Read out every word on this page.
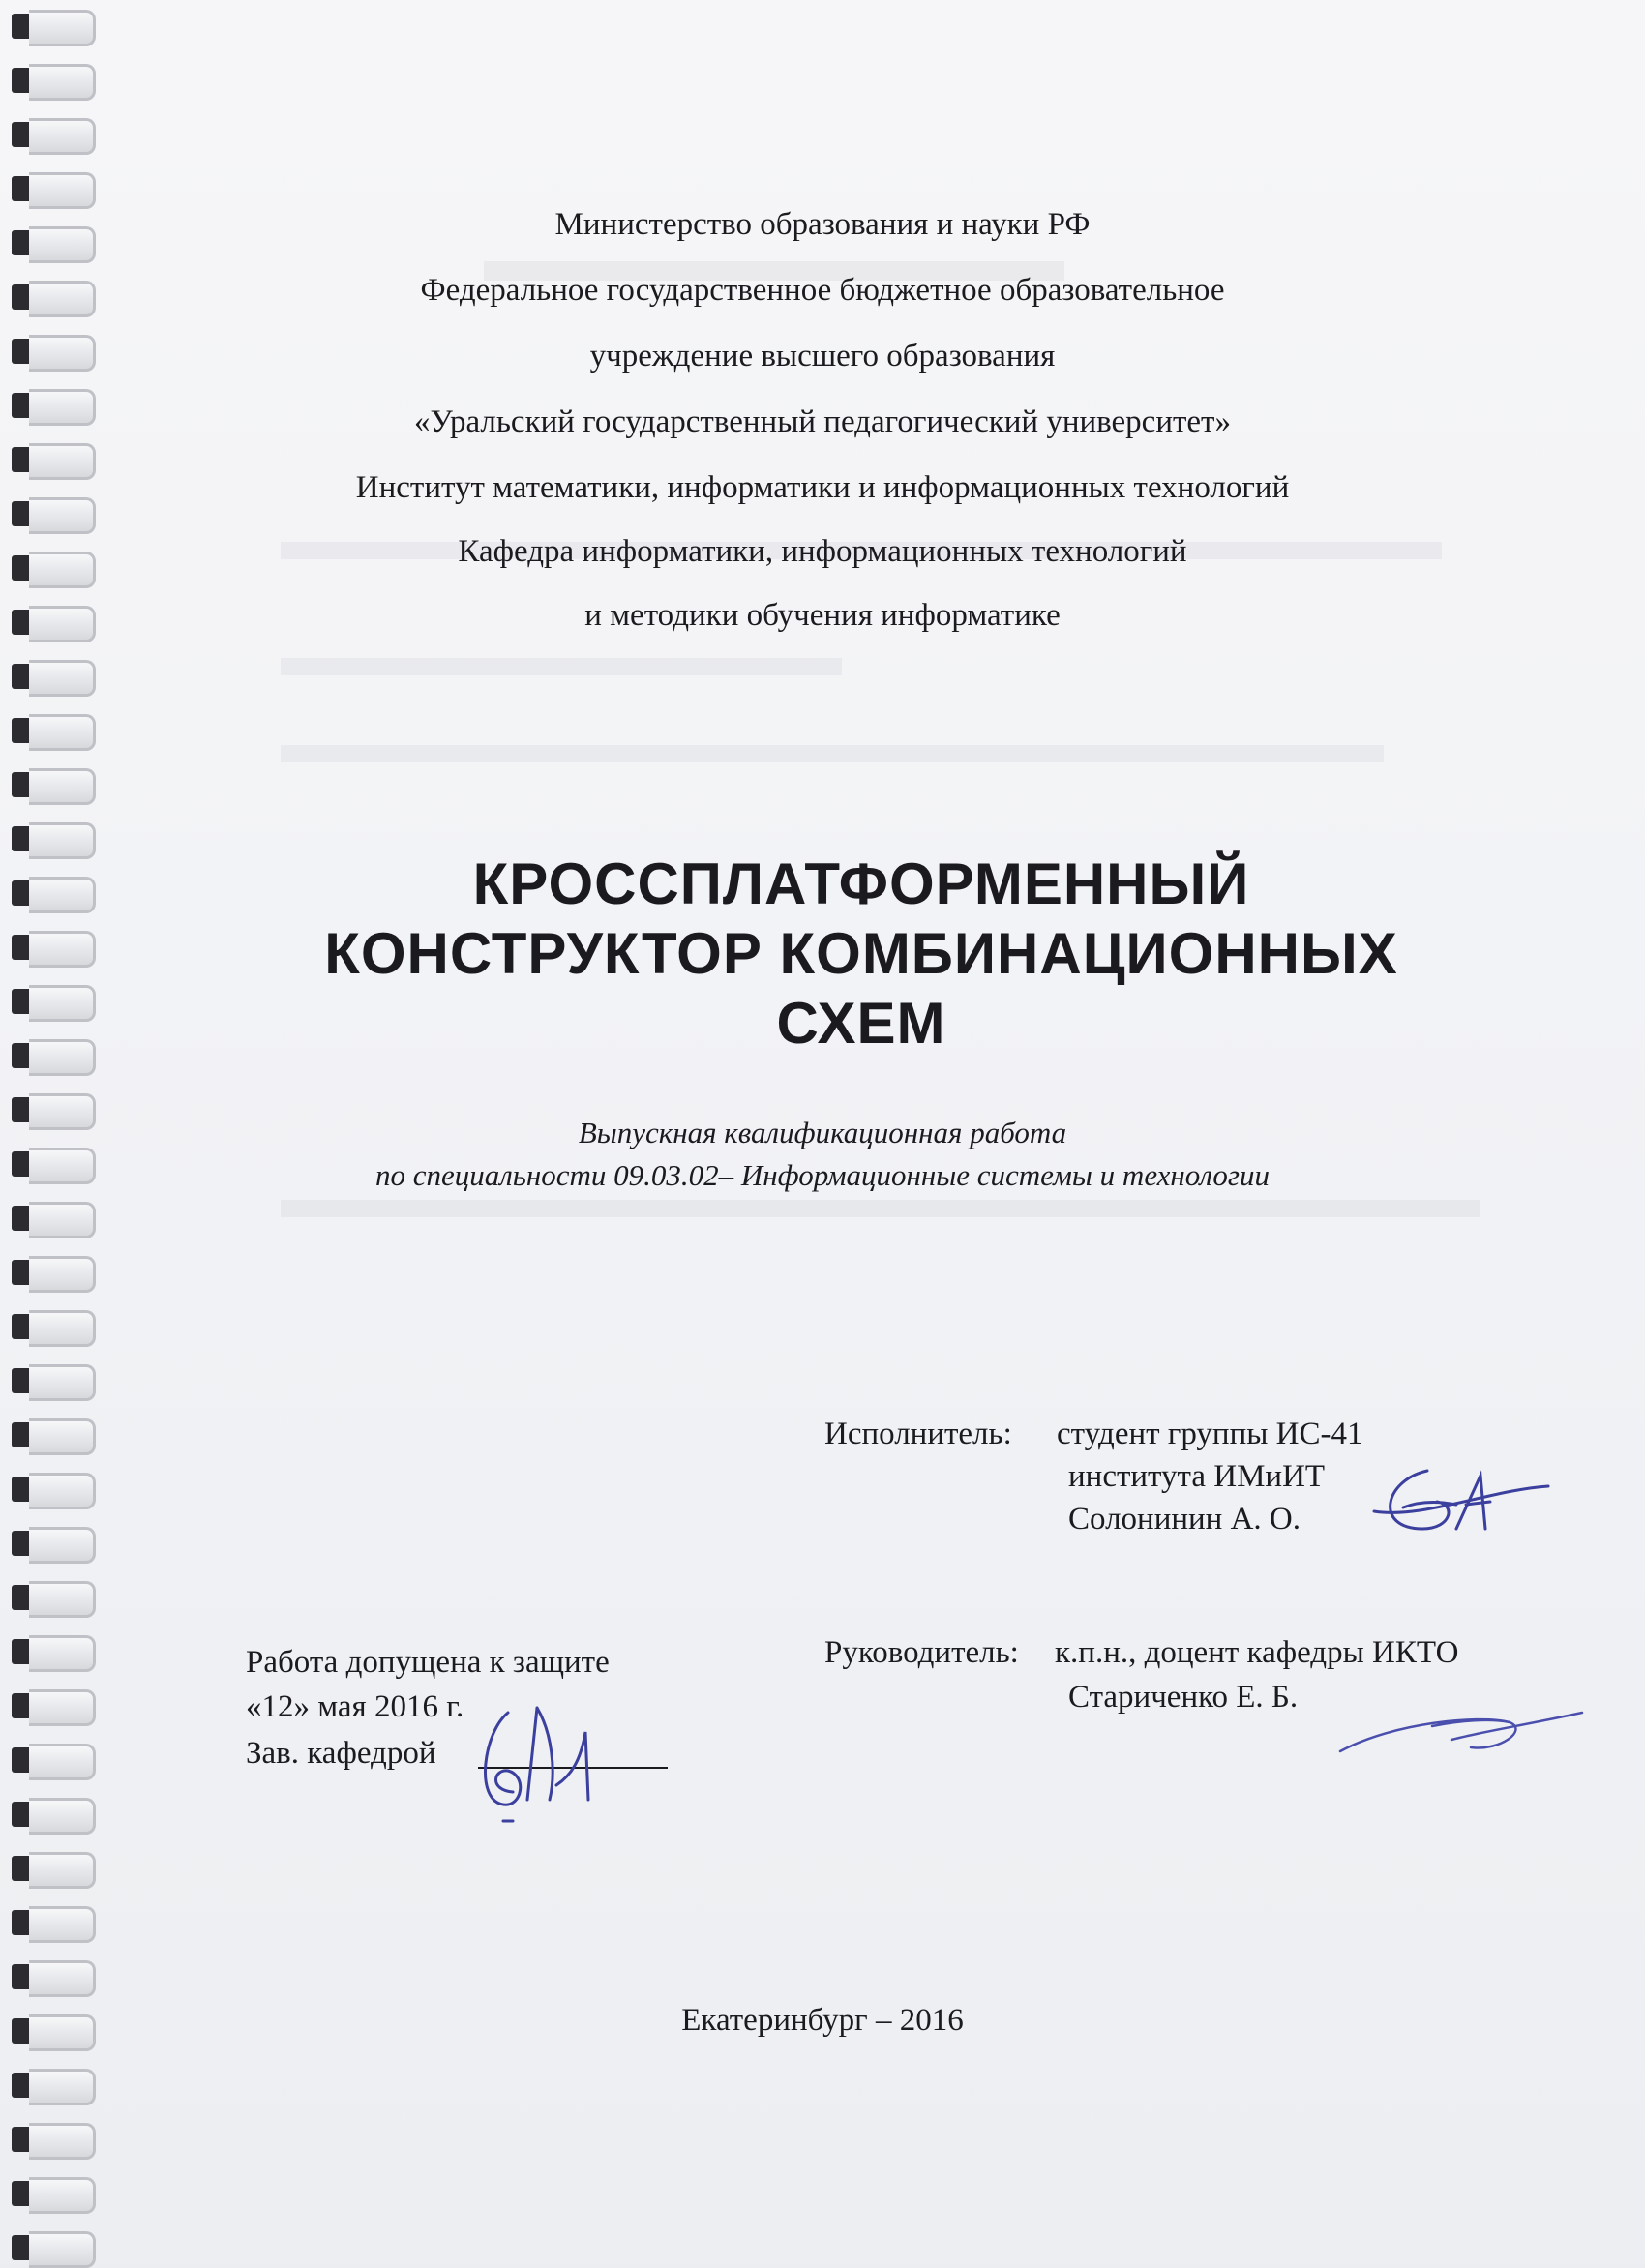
Министерство образования и науки РФ
Федеральное государственное бюджетное образовательное
учреждение высшего образования
«Уральский государственный педагогический университет»
Институт математики, информатики и информационных технологий
Кафедра информатики, информационных технологий
и методики обучения информатике
КРОССПЛАТФОРМЕННЫЙ
КОНСТРУКТОР КОМБИНАЦИОННЫХ
СХЕМ
Выпускная квалификационная работа
по специальности 09.03.02– Информационные системы и технологии
Исполнитель: студент группы ИС-41
института ИМиИТ
Солонинин А. О.
Руководитель: к.п.н., доцент кафедры ИКТО
Стариченко Е. Б.
Работа допущена к защите
«12» мая 2016 г.
Зав. кафедрой
Екатеринбург – 2016
